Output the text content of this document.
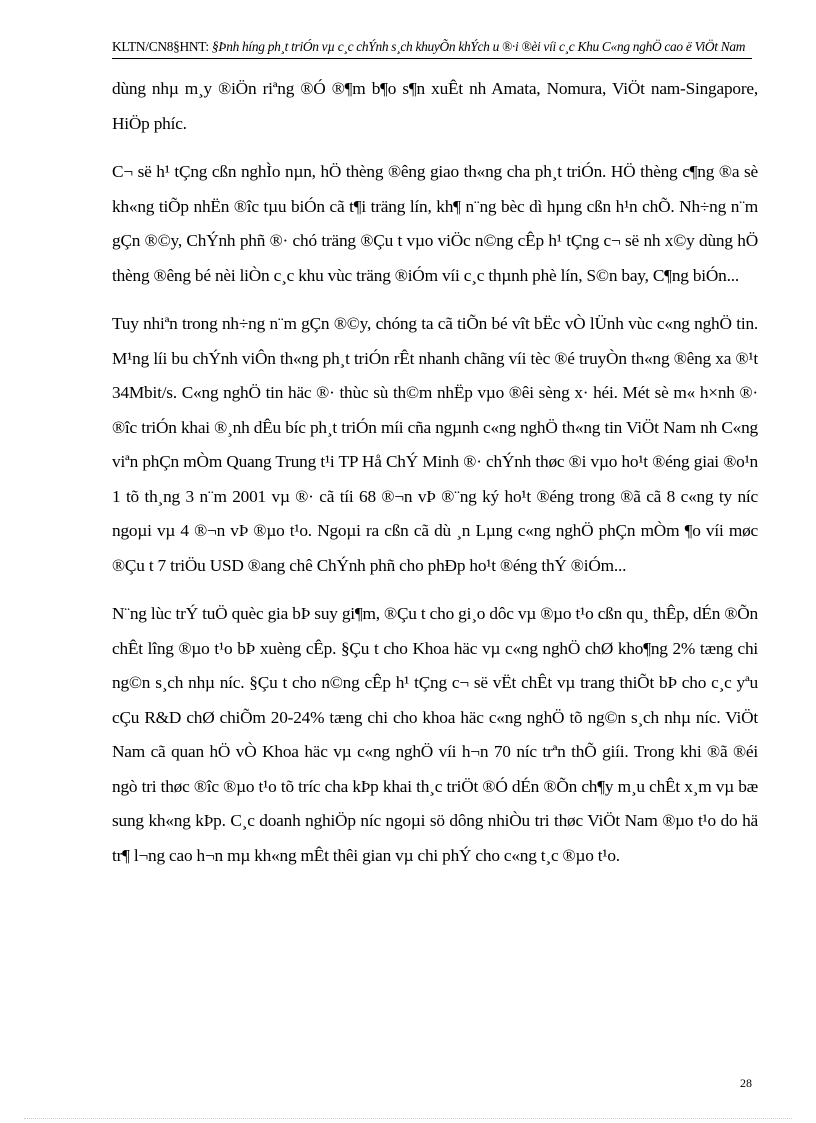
KLTN/CN8§HNT: §Þnh híng ph¸t triÓn vµ c¸c chÝnh s¸ch khuyÕn khÝch u ®·i ®èi víi c¸c Khu C«ng nghÖ cao ë ViÖt Nam

dùng nhµ m¸y ®iÖn riªng ®Ó ®¶m b¶o s¶n xuÊt nh Amata, Nomura, ViÖt nam-Singapore, HiÖp phíc.

C¬ së h¹ tÇng cßn nghÌo nµn, hÖ thèng ®êng giao th«ng cha ph¸t triÓn. HÖ thèng c¶ng ®a sè kh«ng tiÕp nhËn ®îc tµu biÓn cã t¶i träng lín, kh¶ n¨ng bèc dì hµng cßn h¹n chÕ. Nh÷ng n¨m gÇn ®©y, ChÝnh phñ ®· chó träng ®Çu t vµo viÖc n©ng cÊp h¹ tÇng c¬ së nh x©y dùng hÖ thèng ®êng bé nèi liÒn c¸c khu vùc träng ®iÓm víi c¸c thµnh phè lín, S©n bay, C¶ng biÓn...

Tuy nhiªn trong nh÷ng n¨m gÇn ®©y, chóng ta cã tiÕn bé vît bËc vÒ lÜnh vùc c«ng nghÖ tin. M¹ng líi bu chÝnh viÔn th«ng ph¸t triÓn rÊt nhanh chãng víi tèc ®é truyÒn th«ng ®êng xa ®¹t 34Mbit/s. C«ng nghÖ tin häc ®· thùc sù th©m nhËp vµo ®êi sèng x· héi. Mét sè m« h×nh ®· ®îc triÓn khai ®¸nh dÊu bíc ph¸t triÓn míi cña ngµnh c«ng nghÖ th«ng tin ViÖt Nam nh C«ng viªn phÇn mÒm Quang Trung t¹i TP Hå ChÝ Minh ®· chÝnh thøc ®i vµo ho¹t ®éng giai ®o¹n 1 tõ th¸ng 3 n¨m 2001 vµ ®· cã tíi 68 ®¬n vÞ ®¨ng ký ho¹t ®éng trong ®ã cã 8 c«ng ty níc ngoµi vµ 4 ®¬n vÞ ®µo t¹o. Ngoµi ra cßn cã dù ¸n Lµng c«ng nghÖ phÇn mÒm ¶o víi møc ®Çu t 7 triÖu USD ®ang chê ChÝnh phñ cho phÐp ho¹t ®éng thÝ ®iÓm...

N¨ng lùc trÝ tuÖ quèc gia bÞ suy gi¶m, ®Çu t cho gi¸o dôc vµ ®µo t¹o cßn qu¸ thÊp, dÉn ®Õn chÊt lîng ®µo t¹o bÞ xuèng cÊp. §Çu t cho Khoa häc vµ c«ng nghÖ chØ kho¶ng 2% tæng chi ng©n s¸ch nhµ níc. §Çu t cho n©ng cÊp h¹ tÇng c¬ së vËt chÊt vµ trang thiÕt bÞ cho c¸c yªu cÇu R&D chØ chiÕm 20-24% tæng chi cho khoa häc c«ng nghÖ tõ ng©n s¸ch nhµ níc. ViÖt Nam cã quan hÖ vÒ Khoa häc vµ c«ng nghÖ víi h¬n 70 níc trªn thÕ giíi. Trong khi ®ã ®éi ngò tri thøc ®îc ®µo t¹o tõ tríc cha kÞp khai th¸c triÖt ®Ó dÉn ®Õn ch¶y m¸u chÊt x¸m vµ bæ sung kh«ng kÞp. C¸c doanh nghiÖp níc ngoµi sö dông nhiÒu tri thøc ViÖt Nam ®µo t¹o do hä tr¶ l¬ng cao h¬n mµ kh«ng mÊt thêi gian vµ chi phÝ cho c«ng t¸c ®µo t¹o.

28
